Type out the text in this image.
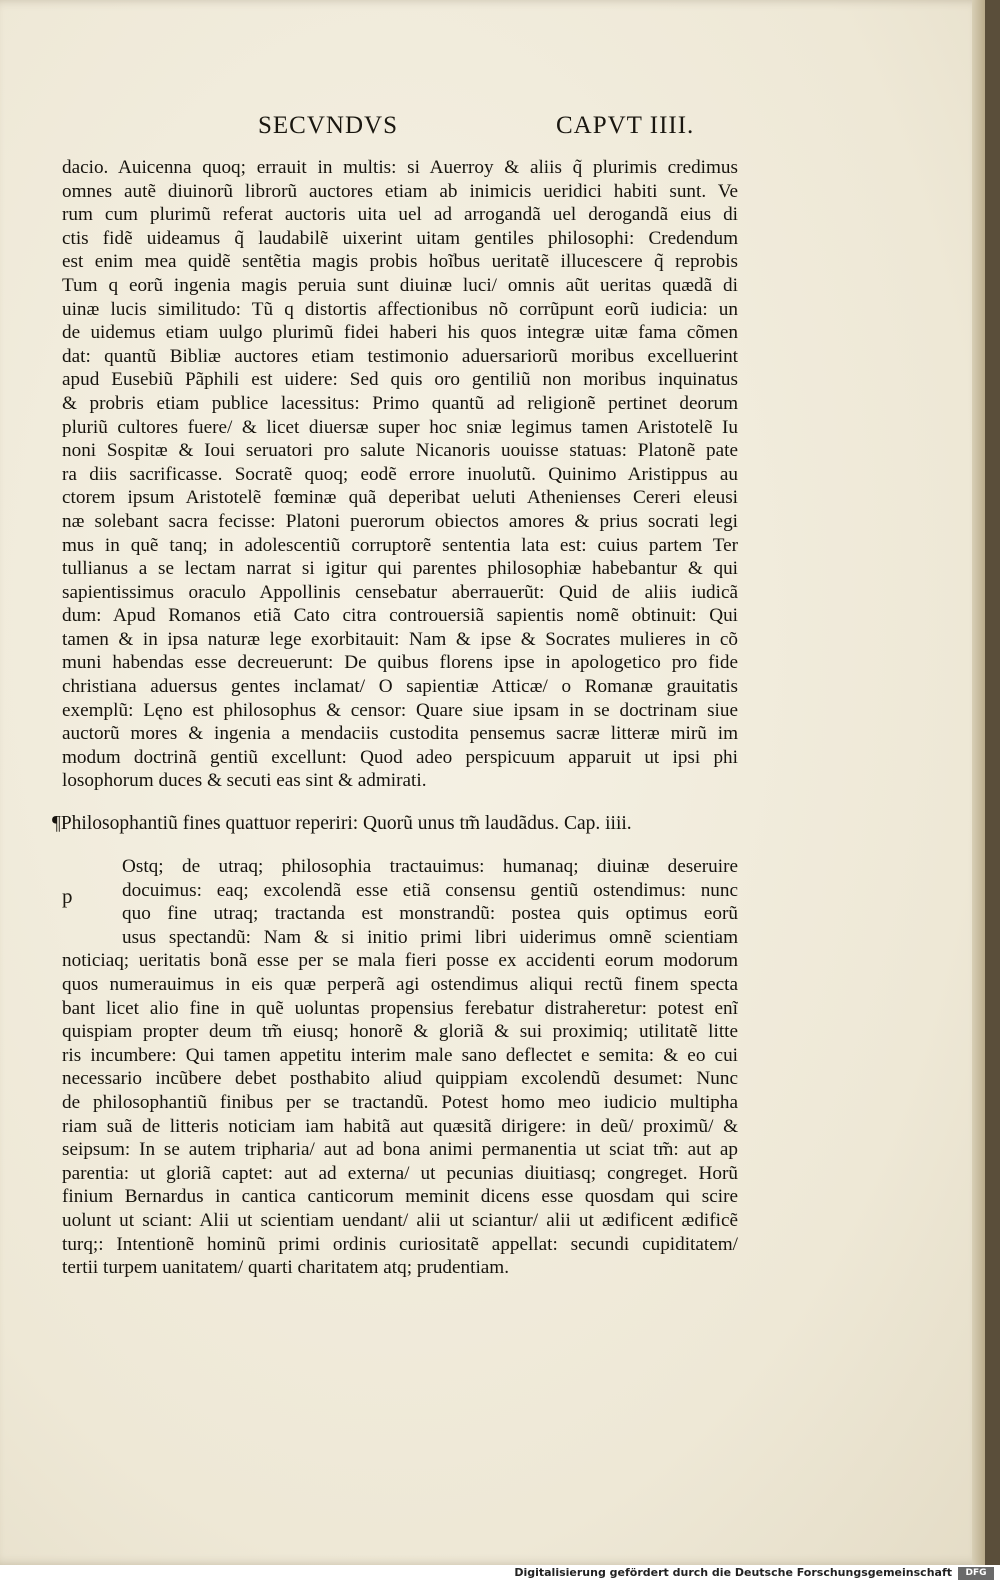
SECVNDVS	CAPVT IIII.
dacio. Auicenna quoq; errauit in multis: si Auerroy & aliis q̃ plurimis credimus
omnes autẽ diuinorũ librorũ auctores etiam ab inimicis ueridici habiti sunt. Ve
rum cum plurimũ referat auctoris uita uel ad arrogandã uel derogandã eius di
ctis fidẽ uideamus q̃ laudabilẽ uixerint uitam gentiles philosophi: Credendum
est enim mea quidẽ sentẽtia magis probis hoĩbus ueritatẽ illucescere q̃ reprobis
Tum q eorũ ingenia magis peruia sunt diuinæ luci/ omnis aũt ueritas quædã di
uinæ lucis similitudo: Tũ q distortis affectionibus nõ corrũpunt eorũ iudicia: un
de uidemus etiam uulgo plurimũ fidei haberi his quos integræ uitæ fama cõmen
dat: quantũ Bibliæ auctores etiam testimonio aduersariorũ moribus excelluerint
apud Eusebiũ Pãphili est uidere: Sed quis oro gentiliũ non moribus inquinatus
& probris etiam publice lacessitus: Primo quantũ ad religionẽ pertinet deorum
pluriũ cultores fuere/ & licet diuersæ super hoc sniæ legimus tamen Aristotelẽ Iu
noni Sospitæ & Ioui seruatori pro salute Nicanoris uouisse statuas: Platonẽ pate
ra diis sacrificasse. Socratẽ quoq; eodẽ errore inuolutũ. Quinimo Aristippus au
ctorem ipsum Aristotelẽ fœminæ quã deperibat ueluti Athenienses Cereri eleusi
næ solebant sacra fecisse: Platoni puerorum obiectos amores & prius socrati legi
mus in quẽ tanq; in adolescentiũ corruptorẽ sententia lata est: cuius partem Ter
tullianus a se lectam narrat si igitur qui parentes philosophiæ habebantur & qui
sapientissimus oraculo Appollinis censebatur aberrauerũt: Quid de aliis iudicã
dum: Apud Romanos etiã Cato citra controuersiã sapientis nomẽ obtinuit: Qui
tamen & in ipsa naturæ lege exorbitauit: Nam & ipse & Socrates mulieres in cõ
muni habendas esse decreuerunt: De quibus florens ipse in apologetico pro fide
christiana aduersus gentes inclamat/ O sapientiæ Atticæ/ o Romanæ grauitatis
exemplũ: Lęno est philosophus & censor: Quare siue ipsam in se doctrinam siue
auctorũ mores & ingenia a mendaciis custodita pensemus sacræ litteræ mirũ im
modum doctrinã gentiũ excellunt: Quod adeo perspicuum apparuit ut ipsi phi
losophorum duces & secuti eas sint & admirati.
¶Philosophantiũ fines quattuor reperiri: Quorũ unus tm̃ laudãdus. Cap. iiii.
p
Ostq; de utraq; philosophia tractauimus: humanaq; diuinæ deseruire
docuimus: eaq; excolendã esse etiã consensu gentiũ ostendimus: nunc
quo fine utraq; tractanda est monstrandũ: postea quis optimus eorũ
usus spectandũ: Nam & si initio primi libri uiderimus omnẽ scientiam
noticiaq; ueritatis bonã esse per se mala fieri posse ex accidenti eorum modorum
quos numerauimus in eis quæ perperã agi ostendimus aliqui rectũ finem specta
bant licet alio fine in quẽ uoluntas propensius ferebatur distraheretur: potest enĩ
quispiam propter deum tm̃ eiusq; honorẽ & gloriã & sui proximiq; utilitatẽ litte
ris incumbere: Qui tamen appetitu interim male sano deflectet e semita: & eo cui
necessario incũbere debet posthabito aliud quippiam excolendũ desumet: Nunc
de philosophantiũ finibus per se tractandũ. Potest homo meo iudicio multipha
riam suã de litteris noticiam iam habitã aut quæsitã dirigere: in deũ/ proximũ/ &
seipsum: In se autem tripharia/ aut ad bona animi permanentia ut sciat tm̃: aut ap
parentia: ut gloriã captet: aut ad externa/ ut pecunias diuitiasq; congreget. Horũ
finium Bernardus in cantica canticorum meminit dicens esse quosdam qui scire
uolunt ut sciant: Alii ut scientiam uendant/ alii ut sciantur/ alii ut ædificent ædificẽ
turq;: Intentionẽ hominũ primi ordinis curiositatẽ appellat: secundi cupiditatem/
tertii turpem uanitatem/ quarti charitatem atq; prudentiam.
Digitalisierung gefördert durch die Deutsche Forschungsgemeinschaft	DFG
